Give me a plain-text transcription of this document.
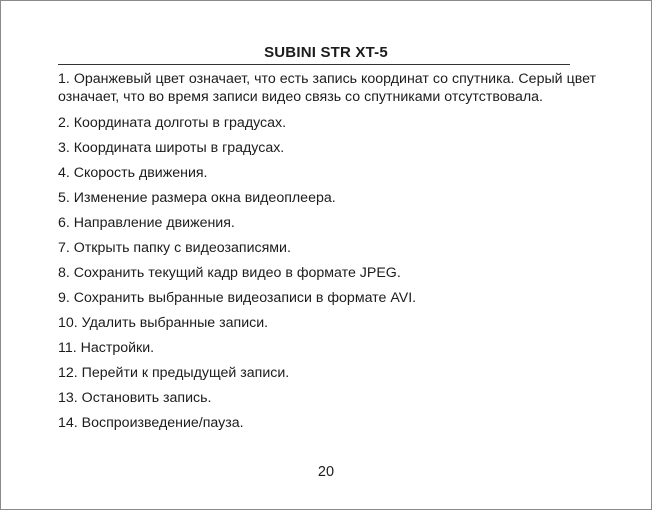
SUBINI STR XT-5

1. Оранжевый цвет означает, что есть запись координат со спутника. Серый цвет означает, что во время записи видео связь со спутниками отсутствовала.

2. Координата долготы в градусах.
3. Координата широты в градусах.
4. Скорость движения.
5. Изменение размера окна видеоплеера.
6. Направление движения.
7. Открыть папку с видеозаписями.
8. Сохранить текущий кадр видео в формате JPEG.
9. Сохранить выбранные видеозаписи в формате AVI.
10. Удалить выбранные записи.
11. Настройки.
12. Перейти к предыдущей записи.
13. Остановить запись.
14. Воспроизведение/пауза.
20
